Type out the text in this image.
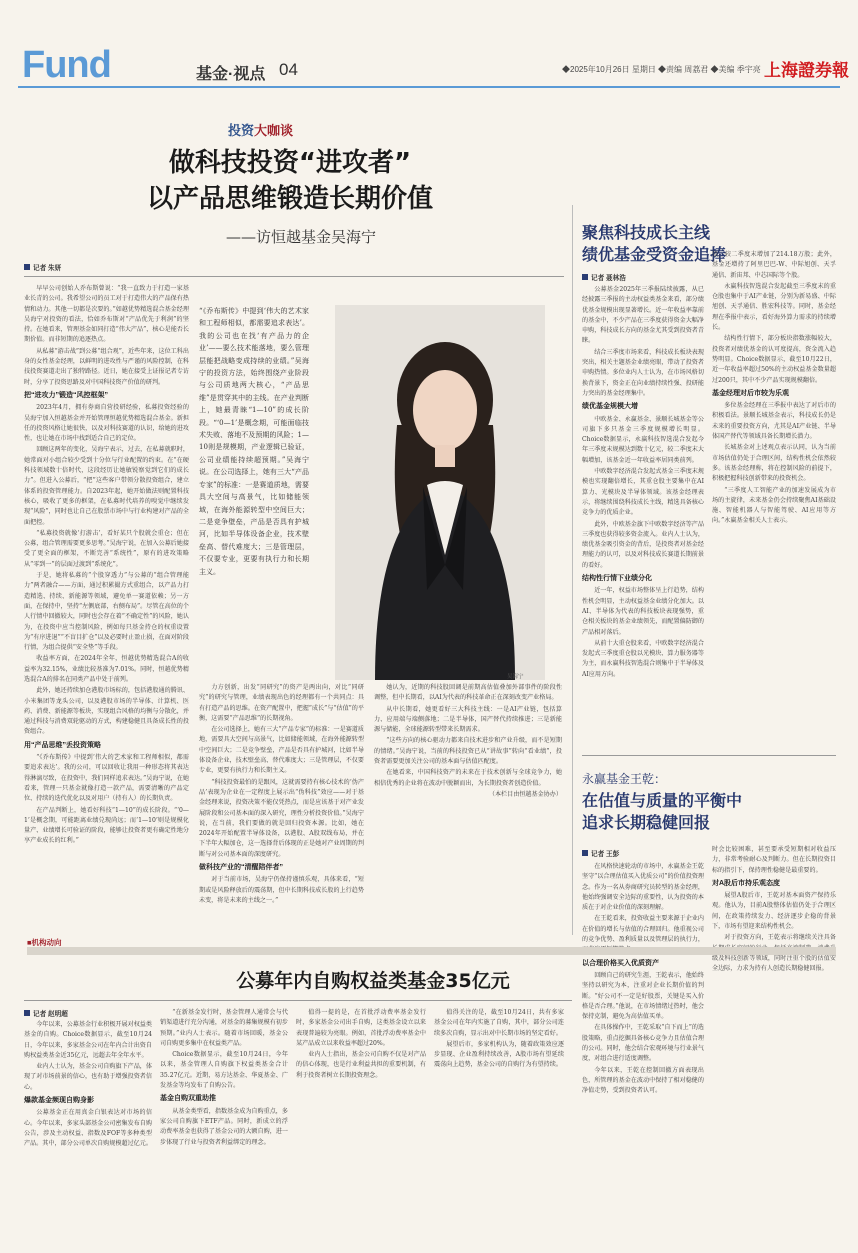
Fund	基金·视点 04	◆2025年10月26日 星期日 ◆责编 周荔君 ◆美编 季宇亮 上海證券報
投资大咖谈
做科技投资“进攻者”
以产品思维锻造长期价值
——访恒越基金吴海宁
记者 朱妍

早早公司创始人乔布斯曾说：“我一直致力于打造一家基业长青的公司。我希望公司的员工对于打造伟大的产品保有热情和动力。其他一切都是次要的。”如越优势精选混合基金经理吴海宁对投资的看法，恰如乔布斯对“产品优先于利润”的坚持。在她看来，管理基金如同打造“伟大产品”，核心是能否长期价值。而非短期的追逐热点。

从私募“游击战”到公募“组合观”，近些年来，这位工科出身的女性基金经理，以鲜明的进攻性与严谨的风险控制，在科技投资赛道走出了独特路径。近日，她在接受上证报记者专访时，分享了投资思路及对中国科技资产价值的研判。

把“进攻力”锻造“风控框架”

2023年4月，拥有券商自营投研经验，私募投资经验的吴海宁加入恒越基金并开始管理恒越优势精选混合基金。新担任的投资风格让她很快，以及对科技赛道的认识，给她的进攻性，也让她在市场中找到适合自己的定位。

回顾这两年的变化，吴海宁表示，过去，在私募就职时，她常面对小组合较少受到十分位与行业配置的约束。在“在硬科技领域数十倍时代，这段经历让她敏锐察觉到它们的成长力”。但进入公募后，“把”这些客户带领分散投资组合，建立体系的投资管理能力。自2023年起，她开始做法则配置科技核心，吸收了更多的框架，在私募时代培养的嗅觉中继续发现“风险”，同时也让自己在股票市场中与行业构建对产品的全面把控。

“私募投资就像‘打游击’，看好某只个股就会重仓；但在公募，组合管理需要更多思考。”吴海宁说，在加入公募后她接受了更全面的框架，不断完善“系统性”，原有的进攻策略从“零到一”的层面过渡到“系统化”。

于是，她将私募的“个股穿透力”与公募的“组合管理能力”两者融合——方面，通过积累撮方式重组合，以产品力打造精选、持续、新能源等领域，避免单一赛道依赖；另一方面，在保持中，坚持“左侧底部，右侧布局”。尽管在高位的个人行情中回撤较大，同时也会存在着“不确定性”的风险，她认为，在投资中应当控制风险，例如每只基金持仓的权重设置为“有序进退”“不盲目扩仓”以及必要时止盈止损，在面对阶段行情，为组合提供“安全垫”等手段。

收益率方面，在2024年全年，恒越优势精选混合A的收益率为32.15%，业绩比较基准为7.01%。同时，恒越优势精选混合A的排名在同类产品中处于前列。

此外，她还持续加仓港股市场标的，包括港股通的腾讯、小米集团等龙头公司，以及港股市场的半导体、计算机、医药、消费、新能源等板块，实现组合风格的均衡与分散化，并通过科技与消费双轮驱动的方式，构建稳健且具备成长性的投资组合。

用“产品思维”丢投资策略

“《乔布斯传》中提到‘伟大的艺术家和工程师相似，都需要追求表达’。我的公司，可以回收让我用一种形态将其表达得淋漓尽致，在投资中，我们同样追求表达。”吴海宁说，在她看来，管理一只基金就像打造一款产品，需要清晰的产品定位、持续的迭代优化以及对用户（持有人）的长期负责。

在产品判断上，她看好科技“1—10”的成长阶段。“‘0—1’是概念期，可能距离业绩兑现尚远；而‘1—10’则是规模化量产、业绩增长可验证的阶段，能够让投资者更有确定性地分享产业成长的红利。”

“《乔布斯传》中提到‘伟大的艺术家和工程师相似，都需要追求表达’。我的公司也在找‘有产品力的企业’——要么技术能落地，要么管理层能把战略变成持续的业绩。”吴海宁的投资方法，始终围绕产业阶段与公司质地两大核心，“产品思维”是贯穿其中的主线。在产业判断上，她最青睐“1—10”的成长阶段。“‘0—1’是概念期，可能面临技术失败、落地不及预期的风险；1—10则是规模期，产业逻辑已验证，公司业绩能持续超预期。”吴海宁说。在公司选择上，她有三大“产品专家”的标准：一是赛道质地，需要具大空间与高景气，比如储能领域，在海外能源转型中空间巨大；二是竞争壁垒，产品是否具有护城河，比如半导体设备企业，技术壁垒高、替代难度大；三是管理层，不仅要专业，更要有执行力和长期主义。
吴海宁

力方创新，出发“同研究”的资产是两出向，对比“同研究”的研究与管理，业绩表现出色的经理都有一个共同点：具有打造产品的思维。在资产配置中，把握“成长”与“估值”的平衡，这需要“产品思维”的长期视角。

在公司选择上，她有三大“产品专家”的标准：一是赛道质地，需要具大空间与高景气，比如储能领域，在海外能源转型中空间巨大；二是竞争壁垒，产品是否具有护城河，比如半导体设备企业，技术壁垒高、替代难度大；三是管理层，不仅要专业，更要有执行力和长期主义。

“科技投资最怕的是跟风，这就需要持有核心技术的‘伪产品’表现为企业在一定程度上展示出“伪科技”效应——对于基金经理来说，投资决策不能仅凭热点，而是应该基于对产业发展阶段和公司基本面的深入研究，理性分析投资价值。”吴海宁说，在当前，我们要做的就是回归投资本源。比如，她在2024年开始配置半导体设备，以港股、A股双线布局，并在下半年大幅加仓，这一选择背后体现的正是她对产业周期的判断与对公司基本面的深度研究。

做科技产业的“清醒陪伴者”

对于当前市场，吴海宁仍保持谨慎乐观，具体来看，“短期或是风险释放后的震荡期，但中长期科技成长股的上行趋势未变，将是未来的主线之一。”

她认为，近期的科技股回调是前期高估值叠加外部事件的阶段性调整，但中长期看，以AI为代表的科技革命正在深刻改变产业格局。

从中长期看，她更看好三大科技主线：一是AI产业链，包括算力、应用端与端侧落地；二是半导体，国产替代持续推进；三是新能源与储能，全球能源转型带来长期需求。

“这些方向的核心驱动力都来自技术进步和产业升级，而不是短期的情绪。”吴海宁说，当前的科技投资已从“讲故事”转向“看业绩”，投资者需要更加关注公司的基本面与估值匹配度。

在她看来，中国科技资产的未来在于技术创新与全球竞争力，她相信优秀的企业将在波动中脱颖而出，为长期投资者创造价值。

（本栏目由恒越基金协办）

聚焦科技成长主线
绩优基金受资金追捧
记者 聂林浩

公募基金2025年三季报陆续披露，从已经披露三季报的主动权益类基金来看，部分绩优基金规模出现显著增长。近一年收益率靠前的基金中，不少产品在三季度获得资金大幅净申购，科技成长方向的基金尤其受到投资者青睐。

结合三季度市场来看，科技成长板块表现突出，相关主题基金业绩亮眼，带动了投资者申购热情。多位业内人士认为，在市场风格切换背景下，资金正在向业绩持续性强、投研能力突出的基金经理集中。

绩优基金规模大增

中欧基金、永赢基金、景顺长城基金等公司旗下多只基金三季度规模增长明显。Choice数据显示，永赢科技智选混合发起今年三季度末规模达到数十亿元，较二季度末大幅增加，该基金近一年收益率居同类前列。

中欧数字经济混合发起式基金三季度末规模也实现翻倍增长，其重仓股主要集中在AI算力、光模块及半导体领域。该基金经理表示，将继续围绕科技成长主线，精选具备核心竞争力的优质企业。

此外，中欧基金旗下中欧数字经济等产品三季度也获得较多资金流入。业内人士认为，绩优基金吸引资金的背后，是投资者对基金经理能力的认可，以及对科技成长赛道长期前景的看好。

结构性行情下业绩分化

近一年，权益市场整体呈上行趋势，结构性机会明显，主动权益基金业绩分化加大。以AI、半导体为代表的科技板块表现强势，重仓相关板块的基金业绩领先，而配置偏防御的产品相对落后。

从前十大重仓股来看，中欧数字经济混合发起式三季度重仓股以光模块、算力服务器等为主，而永赢科技智选混合则集中于半导体及AI应用方向。

股，较二季度末增加了214.18万股；此外，基金还增持了阿里巴巴-W、中际旭创、天孚通信、新宙邦、中芯国际等个股。

永赢科技智选混合发起截至三季度末的重仓股也集中于AI产业链，分别为新易盛、中际旭创、天孚通信、胜宏科技等。同时，基金经理在季报中表示，看好海外算力需求的持续增长。

结构性行情下，部分板块指数涨幅较大，投资者对绩优基金的认可度提高，资金流入趋势明显。Choice数据显示，截至10月22日，近一年收益率超过50%的主动权益基金数量超过200只，其中不少产品实现规模翻倍。

基金经理对后市较为乐观

多位基金经理在三季报中表达了对后市的积极看法。景顺长城基金表示，科技成长仍是未来的重要投资方向，尤其是AI产业链、半导体国产替代等领域具备长期增长潜力。

长城基金对上述观点表示认同，认为当前市场估值仍处于合理区间，结构性机会依然较多。该基金经理称，将在控制风险的前提下，积极把握科技创新带来的投资机会。

“三季度人工智能产业的加速发展成为市场的主旋律，未来基金仍会持续聚焦AI基础设施、智能机器人与智能驾驶、AI应用等方向。”永赢基金相关人士表示。

永赢基金王乾：
在估值与质量的平衡中
追求长期稳健回报
记者 王彭

在风格快速轮动的市场中，永赢基金王乾坚守“以合理估值买入优质公司”的价值投资理念。作为一名从券商研究员转型的基金经理，他始终强调安全边际的重要性，认为投资的本质在于对企业价值的深刻理解。

在王乾看来，投资收益主要来源于企业内在价值的增长与估值的合理回归。他重视公司的竞争优势、盈利质量以及管理层的执行力，

以合理价格买入优质资产

回顾自己的研究生涯，王乾表示，他始终坚持以研究为本，注重对企业长期价值的判断。“好公司不一定是好股票，关键是买入价格是否合理。”他说，在市场情绪过热时，他会保持克制，避免为高估值买单。

在具体操作中，王乾采取“自下而上”的选股策略，重点挖掘具备核心竞争力且估值合理的公司。同时，他会结合宏观环境与行业景气度，对组合进行适度调整。

今年以来，王乾在控制回撤方面表现出色，所管理的基金在波动中保持了相对稳健的净值走势，受到投资者认可。

时会比较困难，甚至要承受短期相对收益压力，非常考验耐心及判断力。但在长期投资目标的指引下，保持理性稳健是最重要的。

对A股后市持乐观态度

展望A股后市，王乾对基本面资产保持乐观。他认为，目前A股整体估值仍处于合理区间，在政策持续发力、经济逐步企稳的背景下，市场有望迎来结构性机会。

对于投资方向，王乾表示将继续关注具备 级及科技创新等领域，同时注重个股的估值安全边际，力求为持有人创造长期稳健回报。

■机构动向
公募年内自购权益类基金35亿元
记者 赵明超

今年以来，公募基金行业积极开展对权益类基金的自购。Choice数据显示，截至10月24日，今年以来，多家基金公司在年内合计出资自购权益类基金近35亿元，远超去年全年水平。

业内人士认为，基金公司自购旗下产品，体现了对市场前景的信心，也有助于增强投资者信心。

爆款基金频现自购身影

公募基金正在用真金白银表达对市场的信心。今年以来，多家头部基金公司密集发布自购公告，涉及主动权益、指数及FOF等多种类型产品。其中，部分公司单次自购规模超过亿元。

“在新基金发行时，基金管理人通常会与代销渠道进行充分沟通，对基金的募集规模有初步预期。”业内人士表示。随着市场回暖，基金公司自购更多集中在权益类产品。

Choice数据显示，截至10月24日，今年以来，基金管理人自购旗下权益类基金合计35.27亿元。近期，易方达基金、华夏基金、广发基金等均发布了自购公告。

基金自购双重助推

从基金类型看，指数基金成为自购重点，多家公司自购旗下ETF产品。同时，新成立的浮动费率基金也获得了基金公司的大额自购，进一步体现了行业与投资者利益绑定的理念。

值得一提的是，在首批浮动费率基金发行时，多家基金公司出手自购，这类基金设立以来表现普遍较为亮眼。例如，首批浮动费率基金中某产品成立以来收益率超过20%。

业内人士指出，基金公司自购不仅是对产品的信心体现，也是行业利益共担的重要机制，有利于投资者树立长期投资理念。

值得关注的是，截至10月24日，共有多家基金公司在年内实施了自购，其中，部分公司连续多次自购，显示出对中长期市场的坚定看好。

展望后市，多家机构认为，随着政策效应逐步显现、企业盈利持续改善，A股市场有望延续震荡向上趋势，基金公司的自购行为有望持续。
